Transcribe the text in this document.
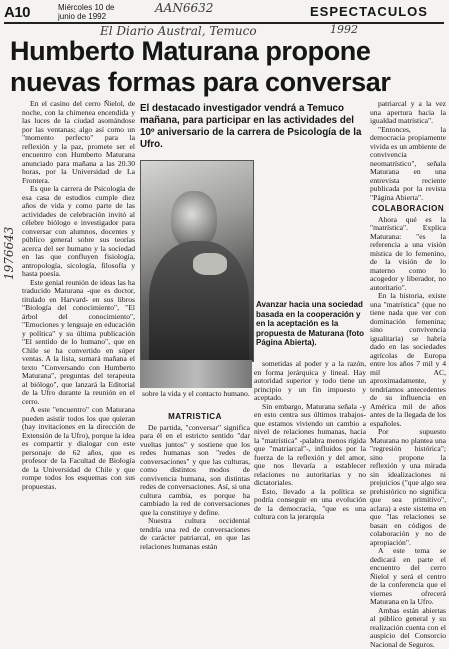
A10	Miércoles 10 de
junio de 1992
AAN6632	ESPECTACULOS
El Diario Austral, Temuco	1992
1976643
Humberto Maturana propone nuevas formas para conversar

El destacado investigador vendrá a Temuco mañana, para participar en las actividades del 10º aniversario de la carrera de Psicología de la Ufro.

En el casino del cerro Ñielol, de noche, con la chimenea encendida y las luces de la ciudad asomándose por las ventanas; algo así como un "momento perfecto" para la reflexión y la paz, promete ser el encuentro con Humberto Maturana anunciado para mañana a las 20.30 horas, por la Universidad de La Frontera.

Es que la carrera de Psicología de esa casa de estudios cumple diez años de vida y como parte de las actividades de celebración invitó al célebre biólogo e investigador para conversar con alumnos, docentes y público general sobre sus teorías acerca del ser humano y la sociedad en las que confluyen fisiología, antropología, sicología, filosofía y hasta poesía.

Este genial reunión de ideas las ha traducido Maturana -que es doctor, titulado en Harvard- en sus libros "Biología del conocimiento", "El árbol del conocimiento", "Emociones y lenguaje en educación y política" y su última publicación "El sentido de lo humano", que en Chile se ha convertido en súper ventas. A la lista, sumará mañana el texto "Conversando con Humberto Maturana", preguntas del terapeuta al biólogo", que lanzará la Editorial de la Ufro durante la reunión en el cerro.

A este "encuentro" con Maturana pueden asistir todos los que quieran (hay invitaciones en la dirección de Extensión de la Ufro), porque la idea es compartir y dialogar con este personaje de 62 años, que es profesor de la Facultad de Biología de la Universidad de Chile y que rompe todos los esquemas con sus propuestas.

Avanzar hacia una sociedad basada en la cooperación y en la aceptación es la propuesta de Maturana (foto Página Abierta).

sobre la vida y el contacto humano.

MATRISTICA

De partida, "conversar" significa para él en el estricto sentido "dar vueltas juntos" y sostiene que los redes humanas son "redes de conversaciones" y que las culturas, como distintos modos de convivencia humana, son distintas redes de conversaciones. Así, si una cultura cambia, es porque ha cambiado la red de conversaciones que la constituye y define.

Nuestra cultura occidental tendría una red de conversaciones de carácter patriarcal, en que las relaciones humanas están

sometidas al poder y a la razón, en forma jerárquica y lineal. Hay autoridad superior y todo tiene un principio y un fin impuesto y aceptado.

Sin embargo, Maturana señala -y en esto centra sus últimos trabajos- que estamos viviendo un cambio a nivel de relaciones humanas, hacia la "matrística" -palabra menos rígida que "matriarcal"-, influidos por la fuerza de la reflexión y del amor, que nos llevaría a establecer relaciones no autoritarias y no dictatoriales.

Esto, llevado a la política se podría conseguir en una evolución de la democracia, "que es una cultura con la jerarquía

patriarcal y a la vez una apertura hacia la igualdad matrística".

"Entonces, la democracia propiamente vivida es un ambiente de convivencia neomatrístico", señala Maturana en una entrevista reciente publicada por la revista "Página Abierta".

COLABORACION

Ahora qué es la "matrística". Explica Maturana: "es la referencia a una visión mística de lo femenino, de la visión de lo materno como lo acogedor y liberador, no autoritario".

En la historia, existe una "matrística" (que no tiene nada que ver con dominación femenina; sino convivencia igualitaria) se habría dado en las sociedades agrícolas de Europa entre los años 7 mil y 4 mil AC, aproximadamente, y tendríamos antecedentes de su influencia en América mil de años antes de la llegada de los españoles.

Por supuesto Maturana no plantea una "regresión histórica"; sino propone la reflexión y una mirada sin idealizaciones ni prejuicios ("que algo sea prehistórico no significa que sea primitivo", aclara) a este sistema en que "las relaciones se basan en códigos de colaboración y no de apropiación".

A este tema se dedicará en parte el encuentro del cerro Ñielol y será el centro de la conferencia que el viernes ofrecerá Maturana en la Ufro.

Ambas están abiertas al público general y su realización cuenta con el auspicio del Consorcio Nacional de Seguros.
